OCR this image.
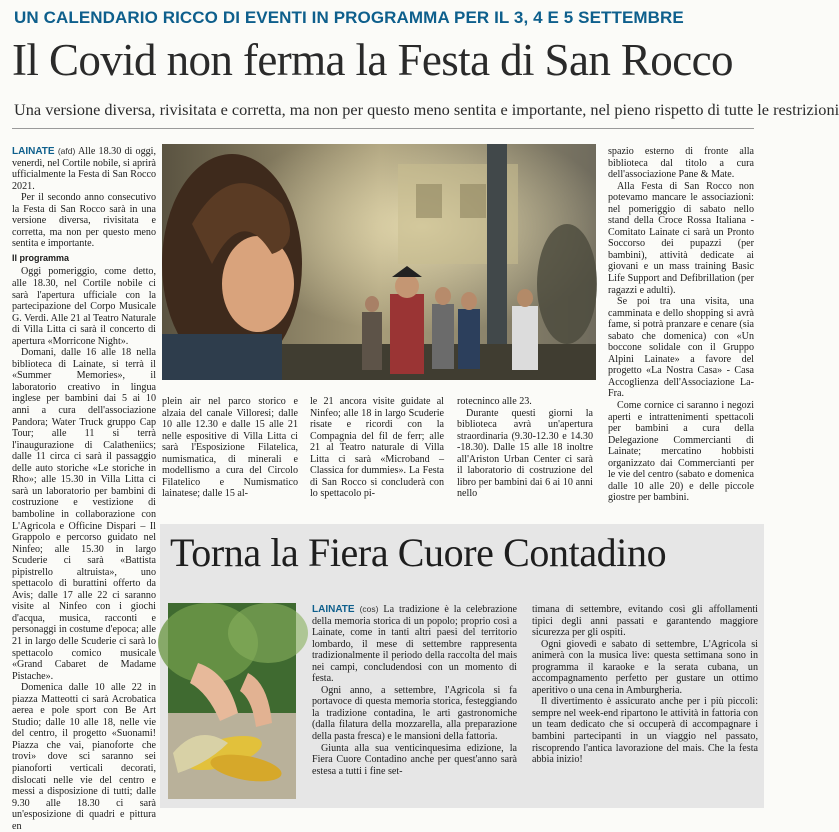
UN CALENDARIO RICCO DI EVENTI IN PROGRAMMA PER IL 3, 4 E 5 SETTEMBRE
Il Covid non ferma la Festa di San Rocco
Una versione diversa, rivisitata e corretta, ma non per questo meno sentita e importante, nel pieno rispetto di tutte le restrizioni

LAINATE (afd) Alle 18.30 di oggi, venerdì, nel Cortile nobile, si aprirà ufficialmente la Festa di San Rocco 2021.

Per il secondo anno consecutivo la Festa di San Rocco sarà in una versione diversa, rivisitata e corretta, ma non per questo meno sentita e importante.

Il programma

Oggi pomeriggio, come detto, alle 18.30, nel Cortile nobile ci sarà l'apertura ufficiale con la partecipazione del Corpo Musicale G. Verdi. Alle 21 al Teatro Naturale di Villa Litta ci sarà il concerto di apertura «Morricone Night».

Domani, dalle 16 alle 18 nella biblioteca di Lainate, si terrà il «Summer Memories», il laboratorio creativo in lingua inglese per bambini dai 5 ai 10 anni a cura dell'associazione Pandora; Water Truck gruppo Cap Tour; alle 11 si terrà l'inaugurazione di Calatheniics; dalle 11 circa ci sarà il passaggio delle auto storiche «Le storiche in Rho»; alle 15.30 in Villa Litta ci sarà un laboratorio per bambini di costruzione e vestizione di bamboline in collaborazione con L'Agricola e Officine Dispari – Il Grappolo e percorso guidato nel Ninfeo; alle 15.30 in largo Scuderie ci sarà «Battista pipistrello altruista», uno spettacolo di burattini offerto da Avis; dalle 17 alle 22 ci saranno visite al Ninfeo con i giochi d'acqua, musica, racconti e personaggi in costume d'epoca; alle 21 in largo delle Scuderie ci sarà lo spettacolo comico musicale «Grand Cabaret de Madame Pistache».

Domenica dalle 10 alle 22 in piazza Matteotti ci sarà Acrobatica aerea e pole sport con Be Art Studio; dalle 10 alle 18, nelle vie del centro, il progetto «Suonami! Piazza che vai, pianoforte che trovi» dove sci saranno sei pianoforti verticali decorati, dislocati nelle vie del centro e messi a disposizione di tutti; dalle 9.30 alle 18.30 ci sarà un'esposizione di quadri e pittura en

plein air nel parco storico e alzaia del canale Villoresi; dalle 10 alle 12.30 e dalle 15 alle 21 nelle espositive di Villa Litta ci sarà l'Esposizione Filatelica, numismatica, di minerali e modellismo a cura del Circolo Filatelico e Numismatico lainatese; dalle 15 al-

le 21 ancora visite guidate al Ninfeo; alle 18 in largo Scuderie risate e ricordi con la Compagnia del fil de ferr; alle 21 al Teatro naturale di Villa Litta ci sarà «Microband –Classica for dummies». La Festa di San Rocco si concluderà con lo spettacolo pi-

rotecnincо alle 23.

Durante questi giorni la biblioteca avrà un'apertura straordinaria (9.30-12.30 e 14.30 -18.30). Dalle 15 alle 18 inoltre all'Ariston Urban Center ci sarà il laboratorio di costruzione del libro per bambini dai 6 ai 10 anni nello

spazio esterno di fronte alla biblioteca dal titolo a cura dell'associazione Pane & Mate.

Alla Festa di San Rocco non potevamo mancare le associazioni: nel pomeriggio di sabato nello stand della Croce Rossa Italiana - Comitato Lainate ci sarà un Pronto Soccorso dei pupazzi (per bambini), attività dedicate ai giovani e un mass training Basic Life Support and Defibrillation (per ragazzi e adulti).

Se poi tra una visita, una camminata e dello shopping si avrà fame, si potrà pranzare e cenare (sia sabato che domenica) con «Un boccone solidale con il Gruppo Alpini Lainate» a favore del progetto «La Nostra Casa» - Casa Accoglienza dell'Associazione La-Fra.

Come cornice ci saranno i negozi aperti e intrattenimenti spettacoli per bambini a cura della Delegazione Commercianti di Lainate; mercatino hobbisti organizzato dai Commercianti per le vie del centro (sabato e domenica dalle 10 alle 20) e delle piccole giostre per bambini.

Torna la Fiera Cuore Contadino

LAINATE (cos) La tradizione è la celebrazione della memoria storica di un popolo; proprio così a Lainate, come in tanti altri paesi del territorio lombardo, il mese di settembre rappresenta tradizionalmente il periodo della raccolta del mais nei campi, concludendosi con un momento di festa.

Ogni anno, a settembre, l'Agricola si fa portavoce di questa memoria storica, festeggiando la tradizione contadina, le arti gastronomiche (dalla filatura della mozzarella, alla preparazione della pasta fresca) e le mansioni della fattoria.

Giunta alla sua venticinquesima edizione, la Fiera Cuore Contadino anche per quest'anno sarà estesa a tutti i fine set-

timana di settembre, evitando così gli affollamenti tipici degli anni passati e garantendo maggiore sicurezza per gli ospiti.

Ogni giovedì e sabato di settembre, L'Agricola si animerà con la musica live: questa settimana sono in programma il karaoke e la serata cubana, un accompagnamento perfetto per gustare un ottimo aperitivo o una cena in Amburgheria.

Il divertimento è assicurato anche per i più piccoli: sempre nel week-end ripartono le attività in fattoria con un team dedicato che si occuperà di accompagnare i bambini partecipanti in un viaggio nel passato, riscoprendo l'antica lavorazione del mais. Che la festa abbia inizio!
